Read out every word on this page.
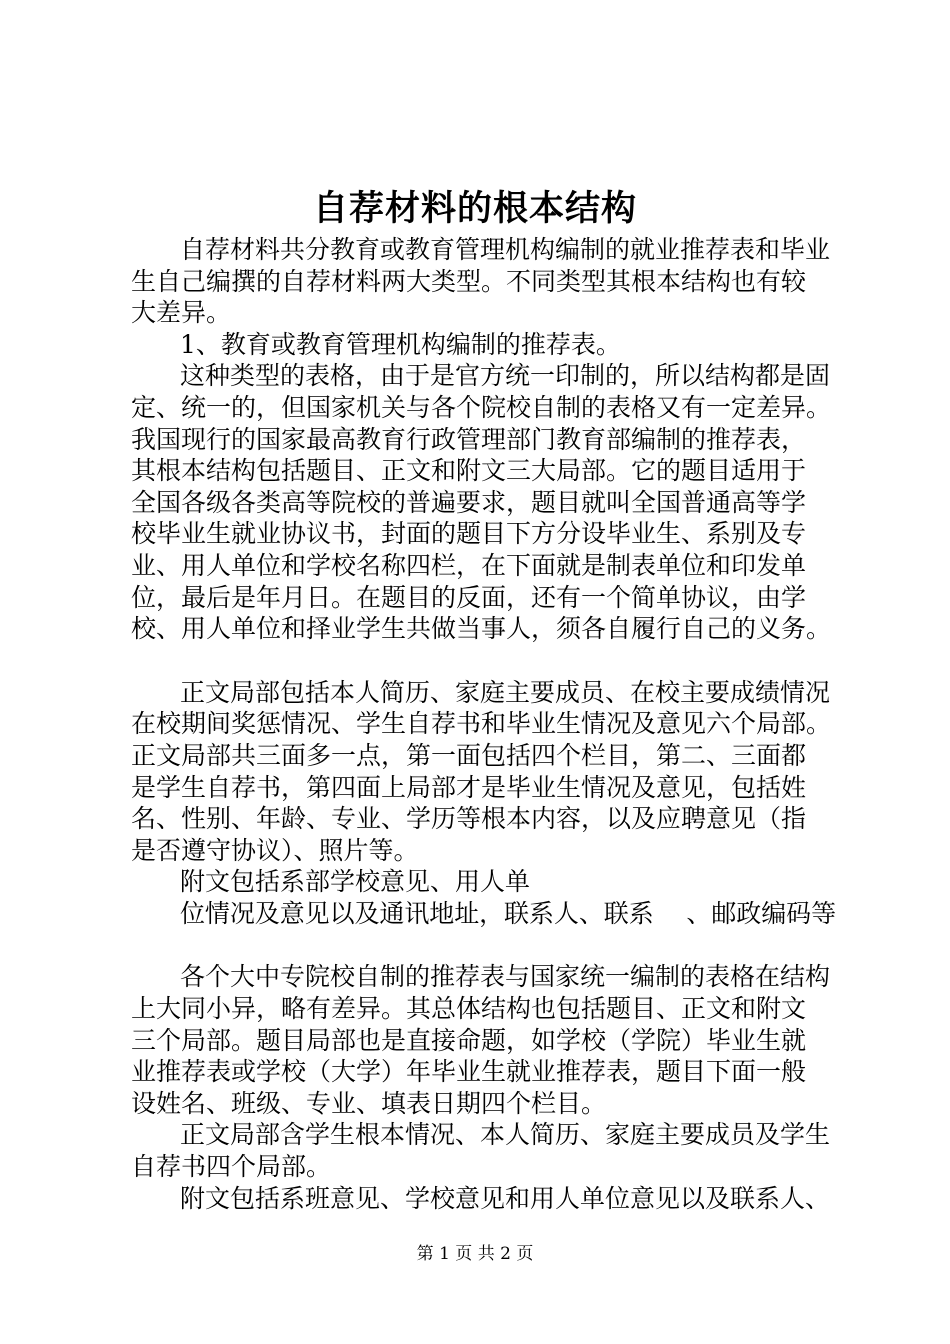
自荐材料的根本结构
自荐材料共分教育或教育管理机构编制的就业推荐表和毕业
生自己编撰的自荐材料两大类型。不同类型其根本结构也有较
大差异。
1、教育或教育管理机构编制的推荐表。
这种类型的表格，由于是官方统一印制的，所以结构都是固
定、统一的，但国家机关与各个院校自制的表格又有一定差异。
我国现行的国家最高教育行政管理部门教育部编制的推荐表，
其根本结构包括题目、正文和附文三大局部。它的题目适用于
全国各级各类高等院校的普遍要求，题目就叫全国普通高等学
校毕业生就业协议书，封面的题目下方分设毕业生、系别及专
业、用人单位和学校名称四栏，在下面就是制表单位和印发单
位，最后是年月日。在题目的反面，还有一个简单协议，由学
校、用人单位和择业学生共做当事人，须各自履行自己的义务。
正文局部包括本人简历、家庭主要成员、在校主要成绩情况
在校期间奖惩情况、学生自荐书和毕业生情况及意见六个局部。
正文局部共三面多一点，第一面包括四个栏目，第二、三面都
是学生自荐书，第四面上局部才是毕业生情况及意见，包括姓
名、性别、年龄、专业、学历等根本内容，以及应聘意见（指
是否遵守协议）、照片等。
附文包括系部学校意见、用人单
位情况及意见以及通讯地址，联系人、联系　 、邮政编码等
各个大中专院校自制的推荐表与国家统一编制的表格在结构
上大同小异，略有差异。其总体结构也包括题目、正文和附文
三个局部。题目局部也是直接命题，如学校（学院）毕业生就
业推荐表或学校（大学）年毕业生就业推荐表，题目下面一般
设姓名、班级、专业、填表日期四个栏目。
正文局部含学生根本情况、本人简历、家庭主要成员及学生
自荐书四个局部。
附文包括系班意见、学校意见和用人单位意见以及联系人、
第 1 页 共 2 页
